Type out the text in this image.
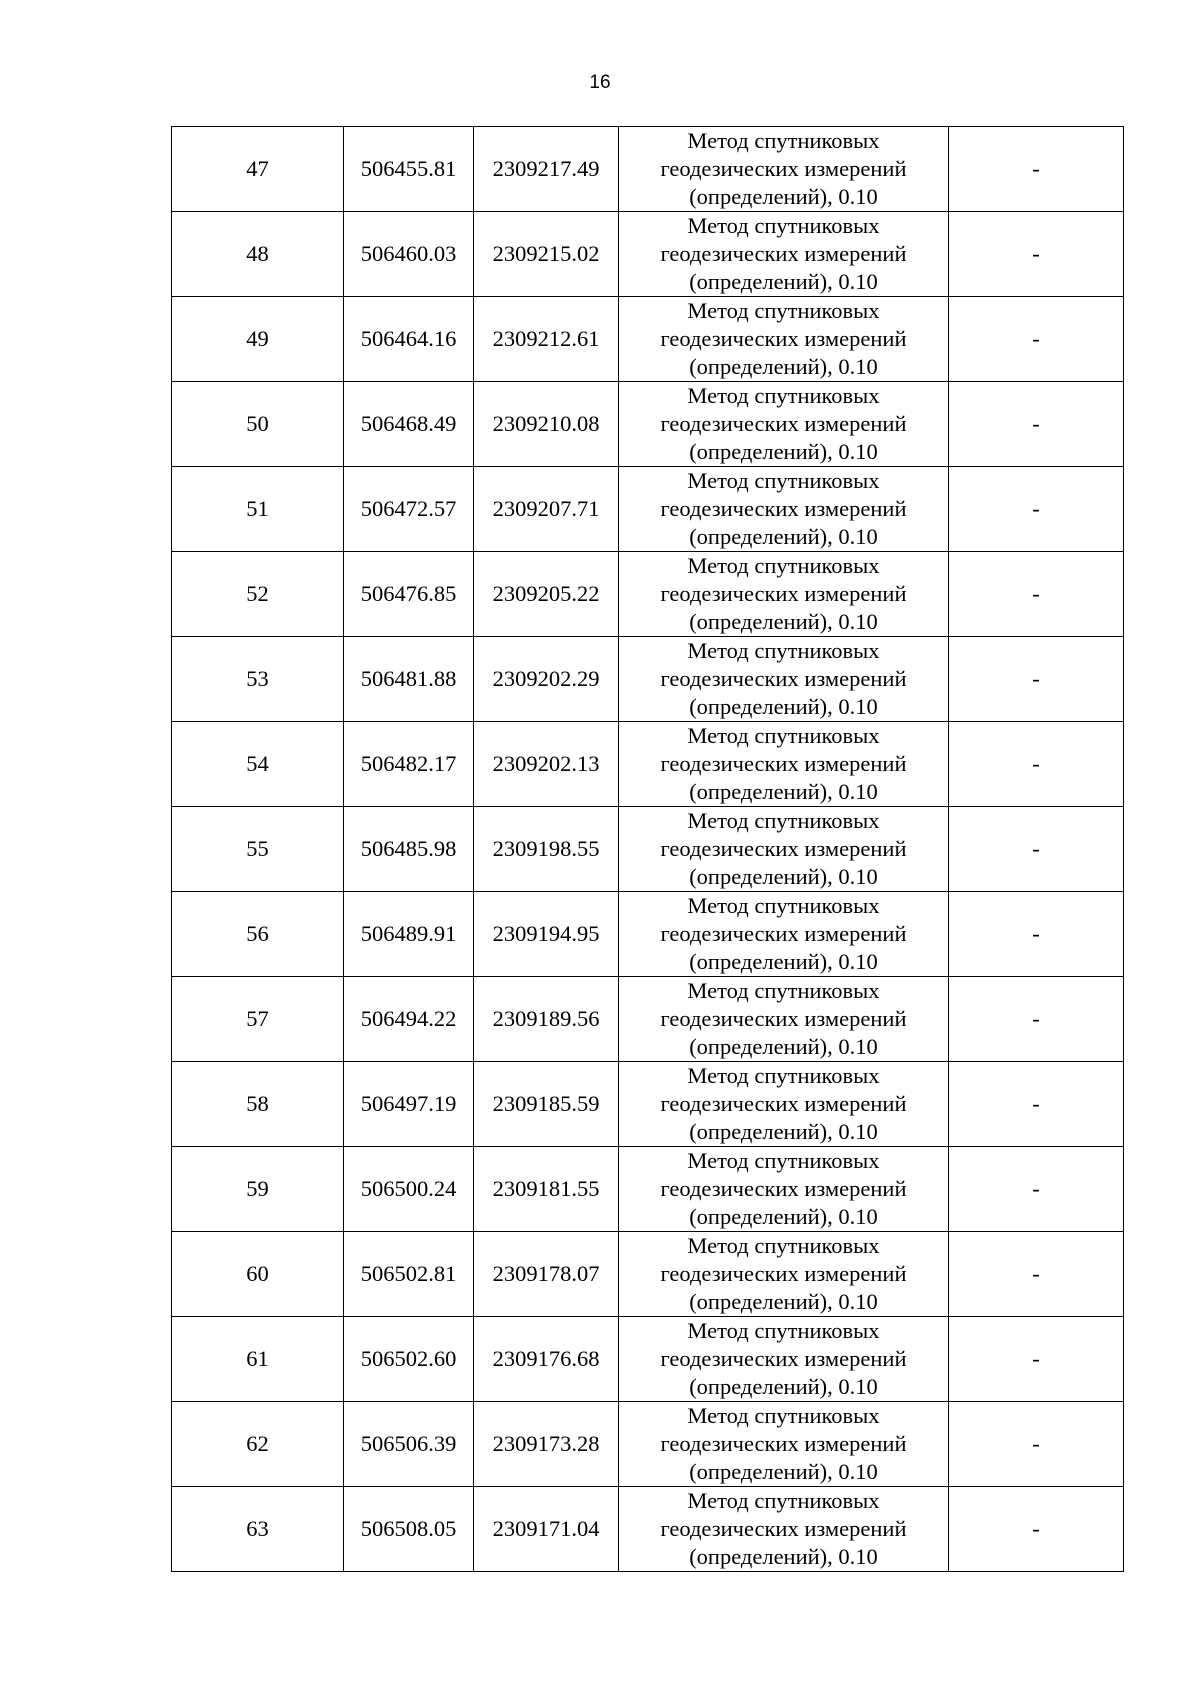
16
47	506455.81	2309217.49	Метод спутниковых
геодезических измерений
(определений), 0.10	-
48	506460.03	2309215.02	Метод спутниковых
геодезических измерений
(определений), 0.10	-
49	506464.16	2309212.61	Метод спутниковых
геодезических измерений
(определений), 0.10	-
50	506468.49	2309210.08	Метод спутниковых
геодезических измерений
(определений), 0.10	-
51	506472.57	2309207.71	Метод спутниковых
геодезических измерений
(определений), 0.10	-
52	506476.85	2309205.22	Метод спутниковых
геодезических измерений
(определений), 0.10	-
53	506481.88	2309202.29	Метод спутниковых
геодезических измерений
(определений), 0.10	-
54	506482.17	2309202.13	Метод спутниковых
геодезических измерений
(определений), 0.10	-
55	506485.98	2309198.55	Метод спутниковых
геодезических измерений
(определений), 0.10	-
56	506489.91	2309194.95	Метод спутниковых
геодезических измерений
(определений), 0.10	-
57	506494.22	2309189.56	Метод спутниковых
геодезических измерений
(определений), 0.10	-
58	506497.19	2309185.59	Метод спутниковых
геодезических измерений
(определений), 0.10	-
59	506500.24	2309181.55	Метод спутниковых
геодезических измерений
(определений), 0.10	-
60	506502.81	2309178.07	Метод спутниковых
геодезических измерений
(определений), 0.10	-
61	506502.60	2309176.68	Метод спутниковых
геодезических измерений
(определений), 0.10	-
62	506506.39	2309173.28	Метод спутниковых
геодезических измерений
(определений), 0.10	-
63	506508.05	2309171.04	Метод спутниковых
геодезических измерений
(определений), 0.10	-
